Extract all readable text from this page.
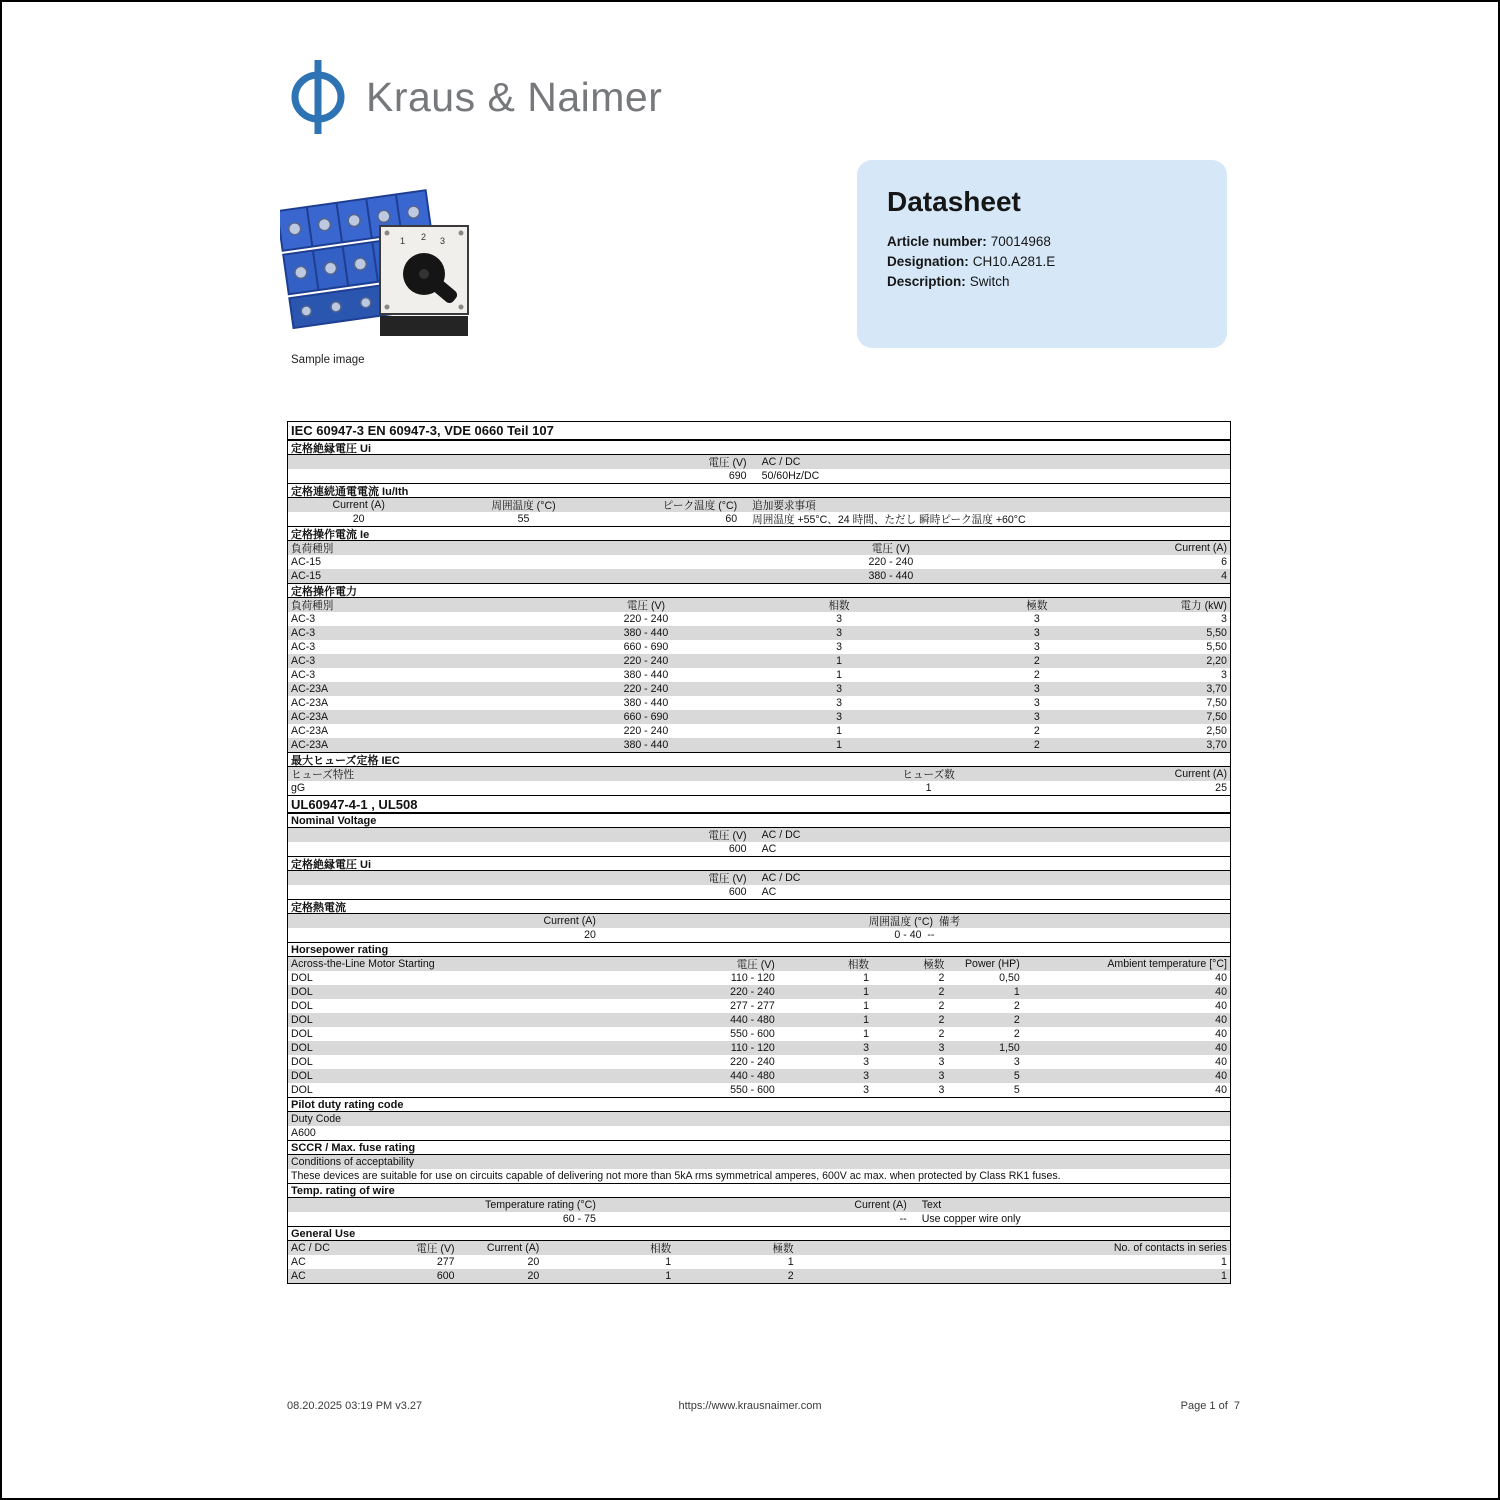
Kraus & Naimer
1 2 3
Sample image
Datasheet
Article number: 70014968
Designation: CH10.A281.E
Description: Switch
IEC 60947-3 EN 60947-3, VDE 0660 Teil 107
定格絶縁電圧 Ui
電圧 (V)	AC / DC
690	50/60Hz/DC
定格連続通電電流 Iu/Ith
Current (A)	周囲温度 (°C)	ピーク温度 (°C)	追加要求事項
20	55	60	周囲温度 +55°C、24 時間、ただし 瞬時ピーク温度 +60°C
定格操作電流 Ie
負荷種別	電圧 (V)	Current (A)
AC-15	220 - 240	6
AC-15	380 - 440	4
定格操作電力
負荷種別	電圧 (V)	相数	極数	電力 (kW)
AC-3	220 - 240	3	3	3
AC-3	380 - 440	3	3	5,50
AC-3	660 - 690	3	3	5,50
AC-3	220 - 240	1	2	2,20
AC-3	380 - 440	1	2	3
AC-23A	220 - 240	3	3	3,70
AC-23A	380 - 440	3	3	7,50
AC-23A	660 - 690	3	3	7,50
AC-23A	220 - 240	1	2	2,50
AC-23A	380 - 440	1	2	3,70
最大ヒューズ定格 IEC
ヒューズ特性	ヒューズ数	Current (A)
gG	1	25
UL60947-4-1 , UL508
Nominal Voltage
電圧 (V)	AC / DC
600	AC
定格絶縁電圧 Ui
電圧 (V)	AC / DC
600	AC
定格熱電流
Current (A)	周囲温度 (°C)  備考
20	0 - 40  --
Horsepower rating
Across-the-Line Motor Starting	電圧 (V)	相数	極数	Power (HP)	Ambient temperature [°C]
DOL	110 - 120	1	2	0,50	40
DOL	220 - 240	1	2	1	40
DOL	277 - 277	1	2	2	40
DOL	440 - 480	1	2	2	40
DOL	550 - 600	1	2	2	40
DOL	110 - 120	3	3	1,50	40
DOL	220 - 240	3	3	3	40
DOL	440 - 480	3	3	5	40
DOL	550 - 600	3	3	5	40
Pilot duty rating code
Duty Code
A600
SCCR / Max. fuse rating
Conditions of acceptability
These devices are suitable for use on circuits capable of delivering not more than 5kA rms symmetrical amperes, 600V ac max. when protected by Class RK1 fuses.
Temp. rating of wire
Temperature rating (°C)	Current (A)	Text
60 - 75	--	Use copper wire only
General Use
AC / DC	電圧 (V)	Current (A)	相数	極数	No. of contacts in series
AC	277	20	1	1	1
AC	600	20	1	2	1
08.20.2025 03:19 PM v3.27	https://www.krausnaimer.com	Page 1 of  7
